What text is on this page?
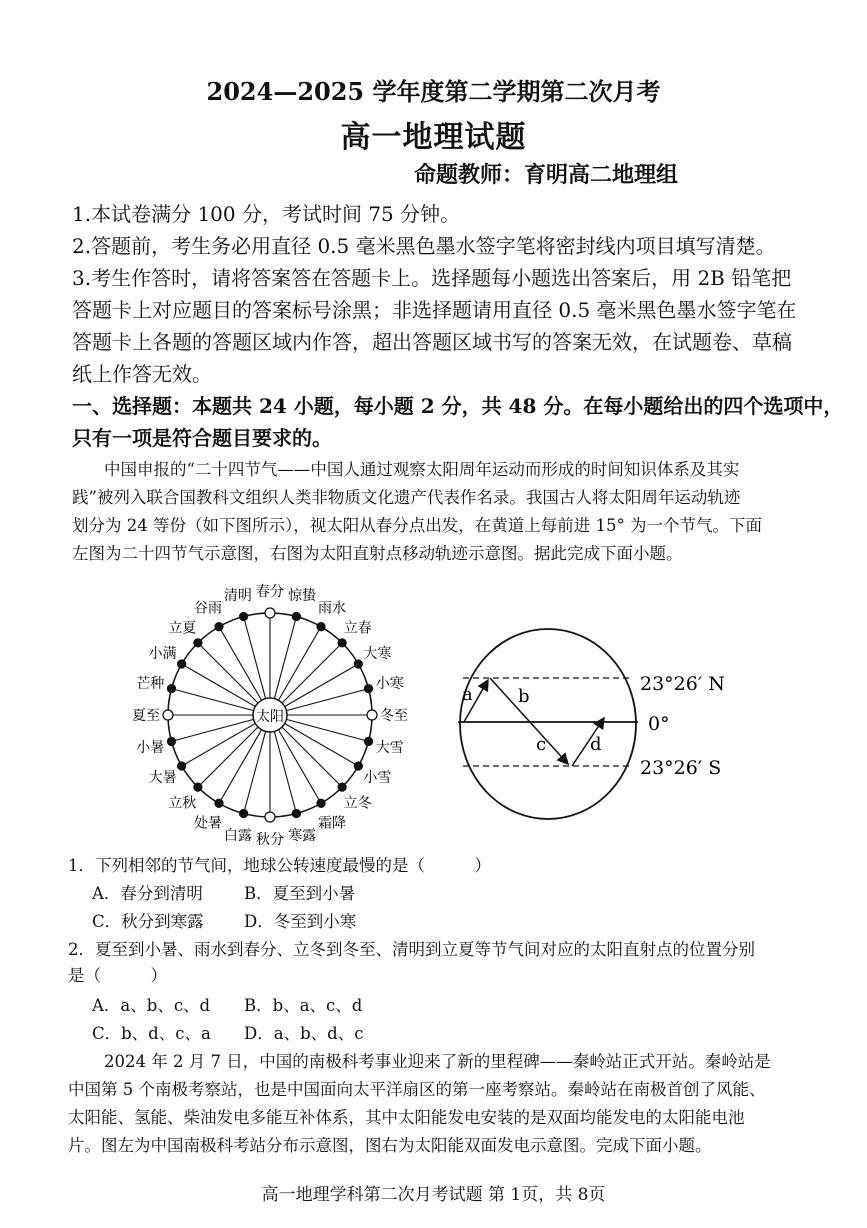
2024—2025 学年度第二学期第二次月考
高一地理试题
命题教师：育明高二地理组
1.本试卷满分 100 分，考试时间 75 分钟。
2.答题前，考生务必用直径 0.5 毫米黑色墨水签字笔将密封线内项目填写清楚。
3.考生作答时，请将答案答在答题卡上。选择题每小题选出答案后，用 2B 铅笔把
答题卡上对应题目的答案标号涂黑；非选择题请用直径 0.5 毫米黑色墨水签字笔在
答题卡上各题的答题区域内作答，超出答题区域书写的答案无效，在试题卷、草稿
纸上作答无效。
一、选择题：本题共 24 小题，每小题 2 分，共 48 分。在每小题给出的四个选项中，
只有一项是符合题目要求的。
中国申报的“二十四节气——中国人通过观察太阳周年运动而形成的时间知识体系及其实
践”被列入联合国教科文组织人类非物质文化遗产代表作名录。我国古人将太阳周年运动轨迹
划分为 24 等份（如下图所示），视太阳从春分点出发，在黄道上每前进 15° 为一个节气。下面
左图为二十四节气示意图，右图为太阳直射点移动轨迹示意图。据此完成下面小题。
春分 惊蛰
雨水
立春
大寒
小寒
冬至
大雪
小雪
立冬
霜降
寒露
秋分
白露
处暑
立秋
大暑
小暑
夏至
芒种
小满
立夏
谷雨
清明
太阳
a	b
c d
23°26′ N
0°
23°26′ S
1．下列相邻的节气间，地球公转速度最慢的是（　　　）
A．春分到清明 B．夏至到小暑
C．秋分到寒露 D．冬至到小寒
2．夏至到小暑、雨水到春分、立冬到冬至、清明到立夏等节气间对应的太阳直射点的位置分别
是（　　　）
A．a、b、c、d B．b、a、c、d
C．b、d、c、a D．a、b、d、c
2024 年 2 月 7 日，中国的南极科考事业迎来了新的里程碑——秦岭站正式开站。秦岭站是
中国第 5 个南极考察站，也是中国面向太平洋扇区的第一座考察站。秦岭站在南极首创了风能、
太阳能、氢能、柴油发电多能互补体系，其中太阳能发电安装的是双面均能发电的太阳能电池
片。图左为中国南极科考站分布示意图，图右为太阳能双面发电示意图。完成下面小题。
高一地理学科第二次月考试题 第 1页，共 8页
